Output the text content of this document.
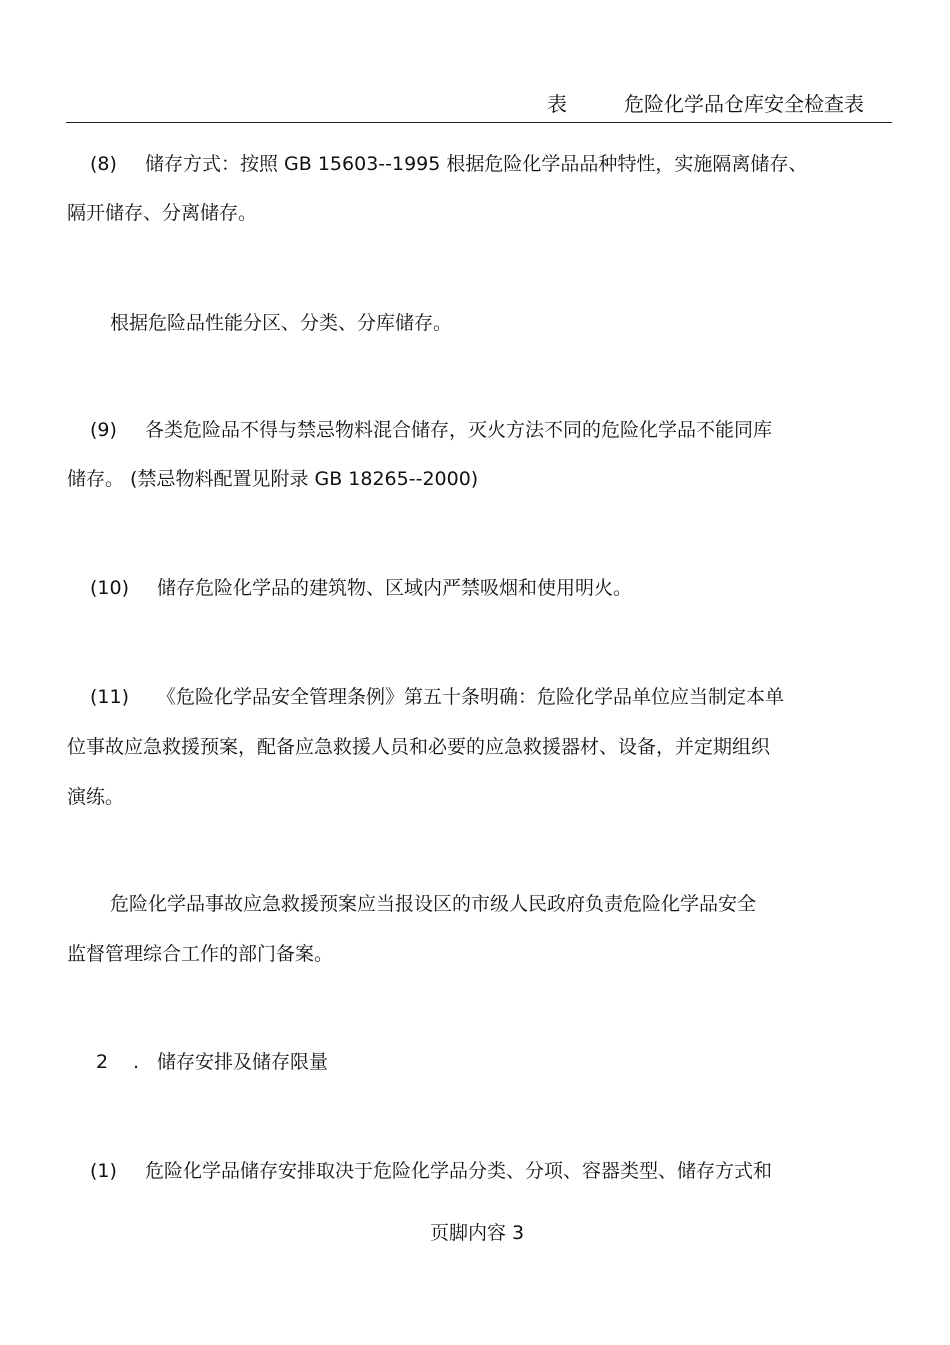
表	危险化学品仓库安全检查表
(8) 储存方式：按照 GB 15603--1995 根据危险化学品品种特性，实施隔离储存、
隔开储存、分离储存。
根据危险品性能分区、分类、分库储存。
(9) 各类危险品不得与禁忌物料混合储存，灭火方法不同的危险化学品不能同库
储存。 (禁忌物料配置见附录 GB 18265--2000)
(10) 储存危险化学品的建筑物、区域内严禁吸烟和使用明火。
(11) 《危险化学品安全管理条例》第五十条明确：危险化学品单位应当制定本单
位事故应急救援预案，配备应急救援人员和必要的应急救援器材、设备，并定期组织
演练。
危险化学品事故应急救援预案应当报设区的市级人民政府负责危险化学品安全
监督管理综合工作的部门备案。
2 . 储存安排及储存限量
(1) 危险化学品储存安排取决于危险化学品分类、分项、容器类型、储存方式和
页脚内容 3
